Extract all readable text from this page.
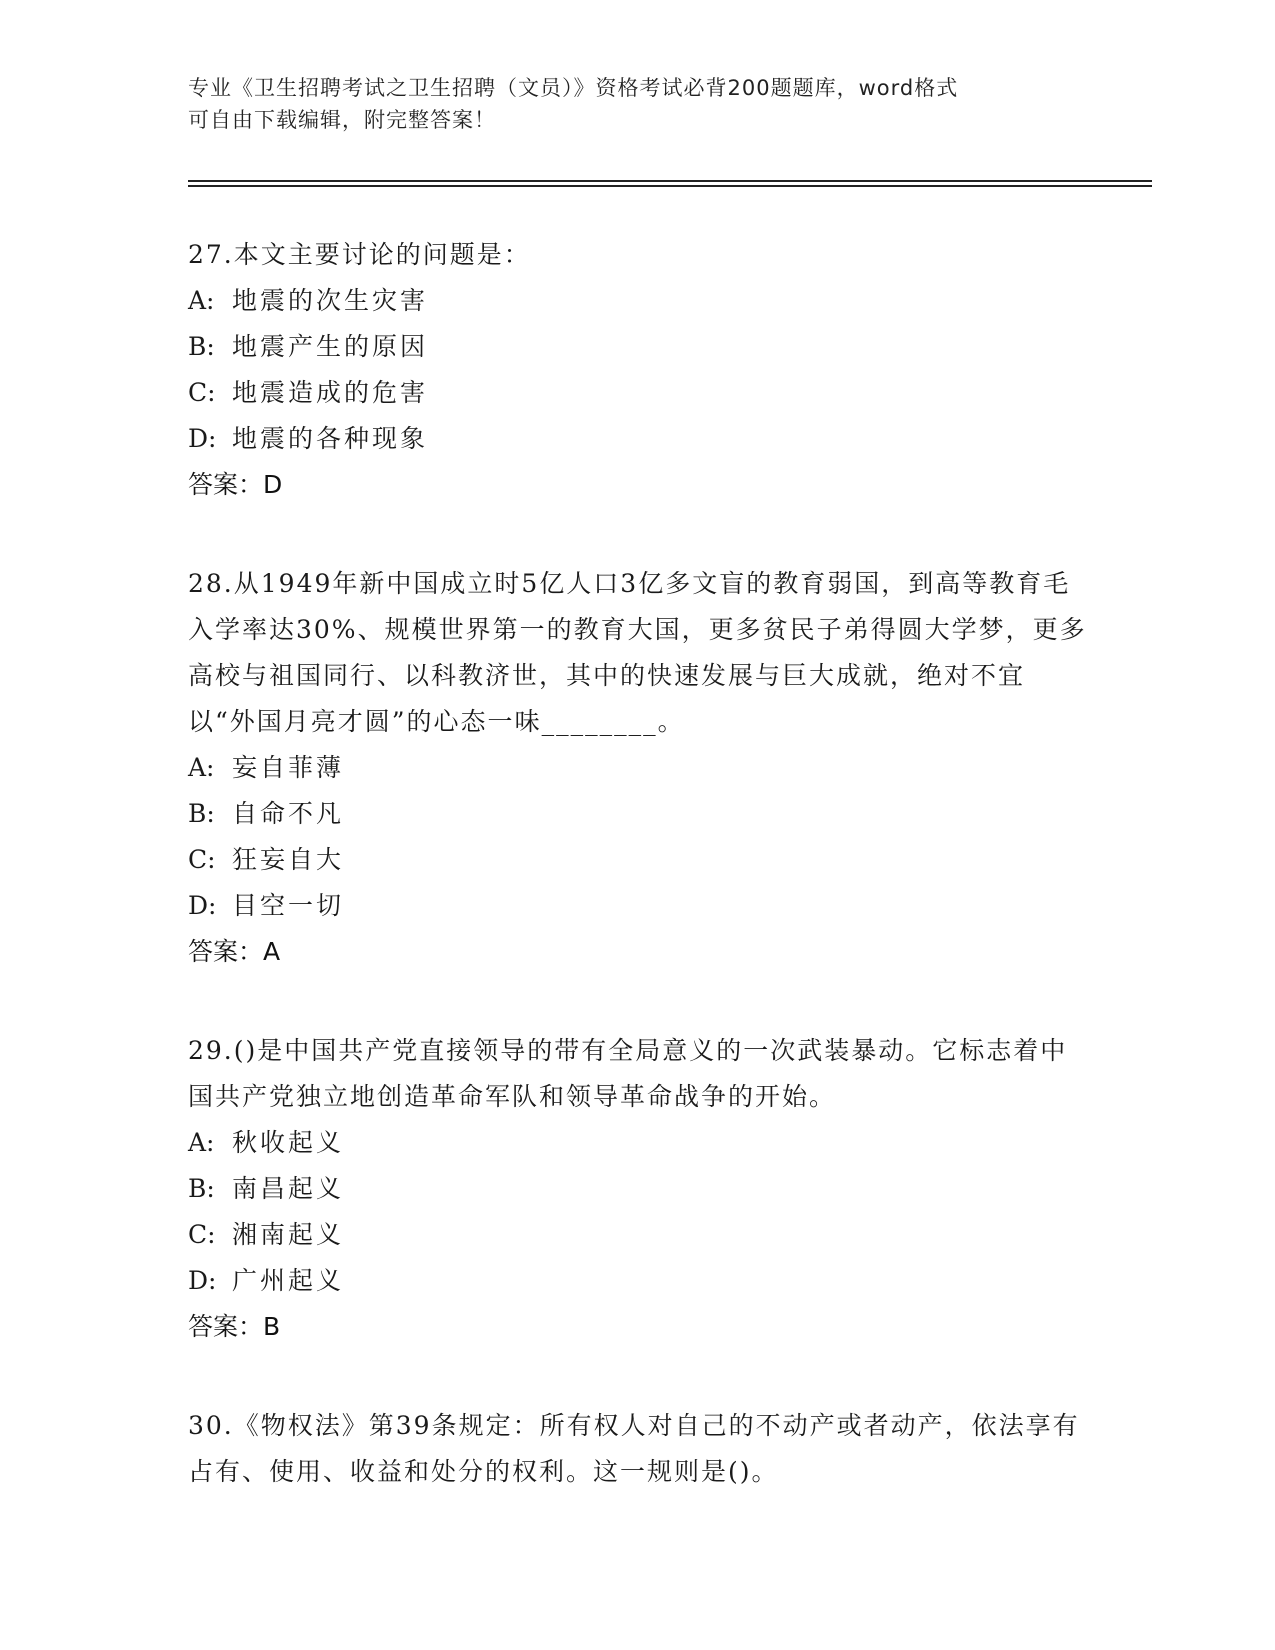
专业《卫生招聘考试之卫生招聘（文员）》资格考试必背200题题库，word格式
可自由下载编辑，附完整答案！
27.本文主要讨论的问题是：
A: 地震的次生灾害
B: 地震产生的原因
C: 地震造成的危害
D: 地震的各种现象
答案：D
28.从1949年新中国成立时5亿人口3亿多文盲的教育弱国，到高等教育毛入学率达30%、规模世界第一的教育大国，更多贫民子弟得圆大学梦，更多高校与祖国同行、以科教济世，其中的快速发展与巨大成就，绝对不宜以“外国月亮才圆”的心态一味________。
A: 妄自菲薄
B: 自命不凡
C: 狂妄自大
D: 目空一切
答案：A
29.()是中国共产党直接领导的带有全局意义的一次武装暴动。它标志着中国共产党独立地创造革命军队和领导革命战争的开始。
A: 秋收起义
B: 南昌起义
C: 湘南起义
D: 广州起义
答案：B
30.《物权法》第39条规定：所有权人对自己的不动产或者动产，依法享有占有、使用、收益和处分的权利。这一规则是()。
